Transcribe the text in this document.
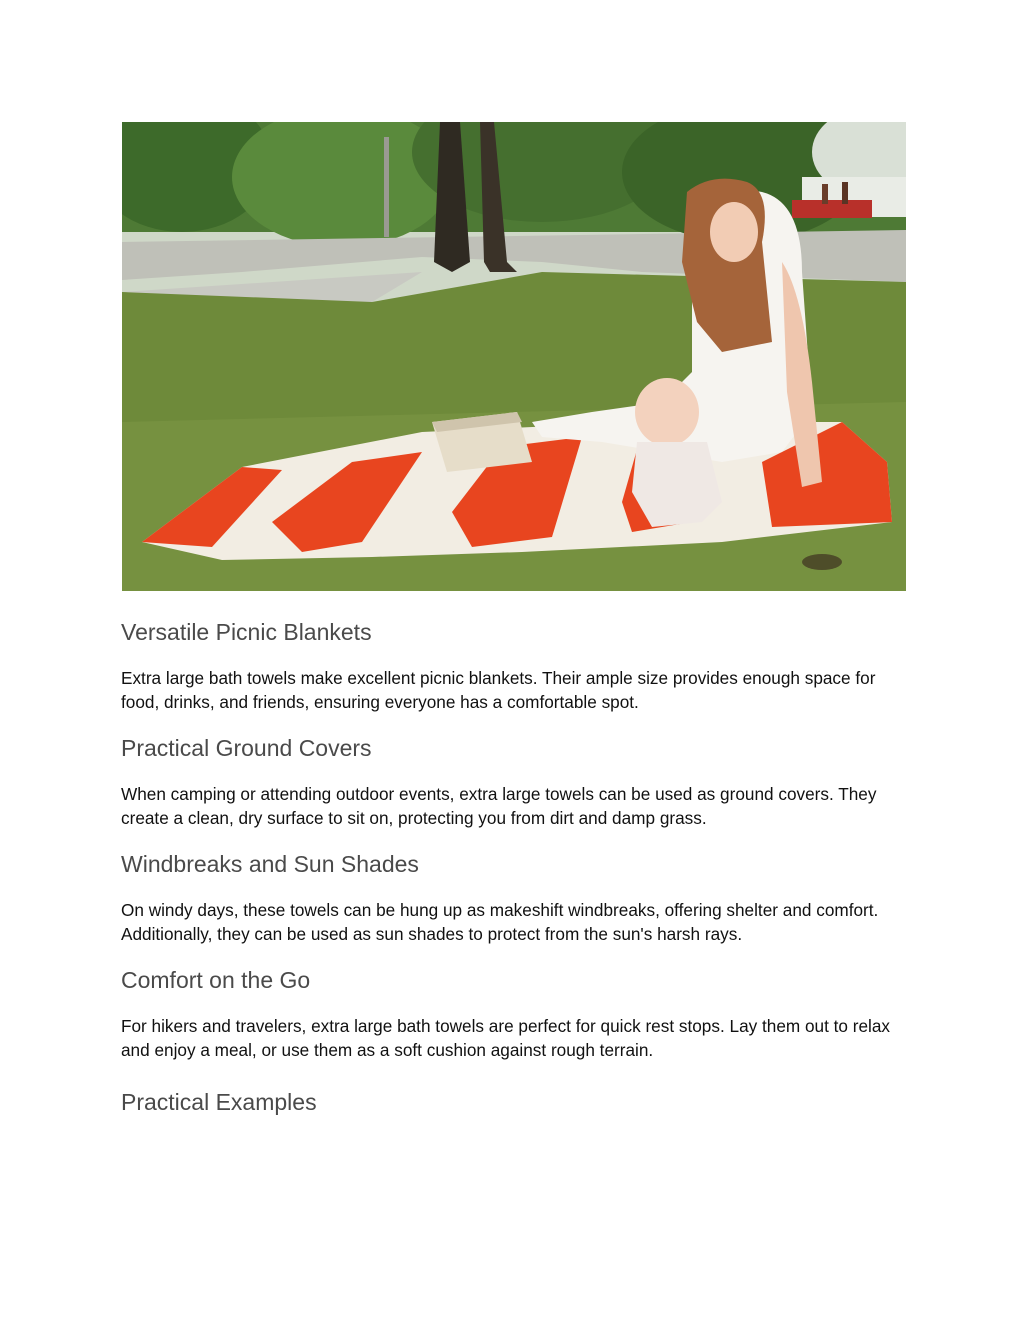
Versatile Picnic Blankets

Extra large bath towels make excellent picnic blankets. Their ample size provides enough space for food, drinks, and friends, ensuring everyone has a comfortable spot.

Practical Ground Covers

When camping or attending outdoor events, extra large towels can be used as ground covers. They create a clean, dry surface to sit on, protecting you from dirt and damp grass.

Windbreaks and Sun Shades

On windy days, these towels can be hung up as makeshift windbreaks, offering shelter and comfort. Additionally, they can be used as sun shades to protect from the sun's harsh rays.

Comfort on the Go

For hikers and travelers, extra large bath towels are perfect for quick rest stops. Lay them out to relax and enjoy a meal, or use them as a soft cushion against rough terrain.

Practical Examples
